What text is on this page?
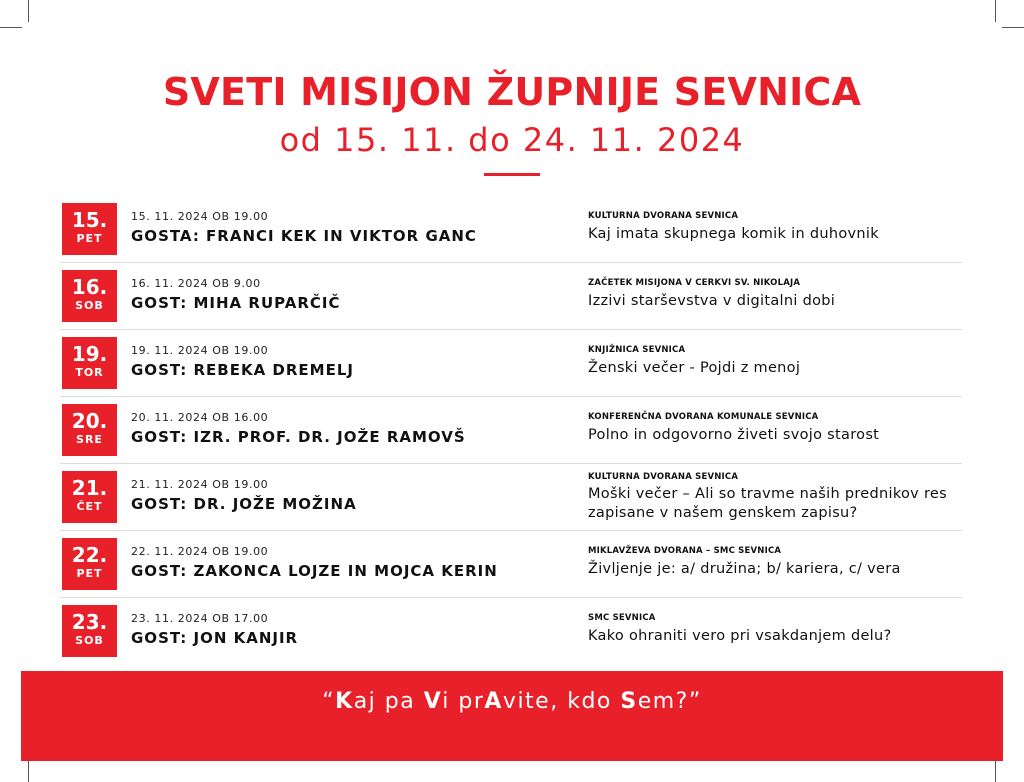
SVETI MISIJON ŽUPNIJE SEVNICA
od 15. 11. do 24. 11. 2024
15.
PET
15. 11. 2024 OB 19.00
GOSTA: FRANCI KEK IN VIKTOR GANC
KULTURNA DVORANA SEVNICA
Kaj imata skupnega komik in duhovnik
16.
SOB
16. 11. 2024 OB 9.00
GOST: MIHA RUPARČIČ
ZAČETEK MISIJONA V CERKVI SV. NIKOLAJA
Izzivi starševstva v digitalni dobi
19.
TOR
19. 11. 2024 OB 19.00
GOST: REBEKA DREMELJ
KNJIŽNICA SEVNICA
Ženski večer - Pojdi z menoj
20.
SRE
20. 11. 2024 OB 16.00
GOST: IZR. PROF. DR. JOŽE RAMOVŠ
KONFERENČNA DVORANA KOMUNALE SEVNICA
Polno in odgovorno živeti svojo starost
21.
ČET
21. 11. 2024 OB 19.00
GOST: DR. JOŽE MOŽINA
KULTURNA DVORANA SEVNICA
Moški večer – Ali so travme naših prednikov res zapisane v našem genskem zapisu?
22.
PET
22. 11. 2024 OB 19.00
GOST: ZAKONCA LOJZE IN MOJCA KERIN
MIKLAVŽEVA DVORANA – SMC SEVNICA
Življenje je: a/ družina; b/ kariera, c/ vera
23.
SOB
23. 11. 2024 OB 17.00
GOST: JON KANJIR
SMC SEVNICA
Kako ohraniti vero pri vsakdanjem delu?
“Kaj pa Vi prAvite, kdo Sem?”
